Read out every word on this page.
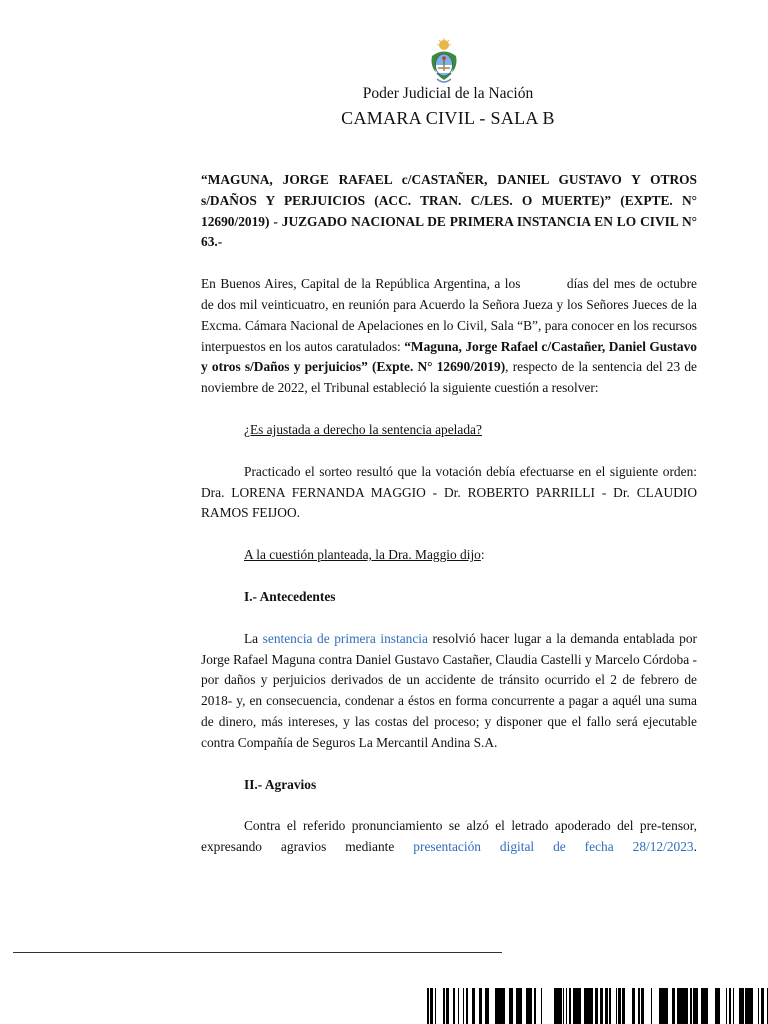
Poder Judicial de la Nación
CAMARA CIVIL - SALA B

“MAGUNA, JORGE RAFAEL c/CASTAÑER, DANIEL GUSTAVO Y OTROS s/DAÑOS Y PERJUICIOS (ACC. TRAN. C/LES. O MUERTE)” (EXPTE. N° 12690/2019) - JUZGADO NACIONAL DE PRIMERA INSTANCIA EN LO CIVIL N° 63.-

En Buenos Aires, Capital de la República Argentina, a los	días del mes de octubre de dos mil veinticuatro, en reunión para Acuerdo la Señora Jueza y los Señores Jueces de la Excma. Cámara Nacional de Apelaciones en lo Civil, Sala “B”, para conocer en los recursos interpuestos en los autos caratulados: “Maguna, Jorge Rafael c/Castañer, Daniel Gustavo y otros s/Daños y perjuicios” (Expte. N° 12690/2019), respecto de la sentencia del 23 de noviembre de 2022, el Tribunal estableció la siguiente cuestión a resolver:

¿Es ajustada a derecho la sentencia apelada?

Practicado el sorteo resultó que la votación debía efectuarse en el siguiente orden: Dra. LORENA FERNANDA MAGGIO - Dr. ROBERTO PARRILLI - Dr. CLAUDIO RAMOS FEIJOO.

A la cuestión planteada, la Dra. Maggio dijo:

I.- Antecedentes

La sentencia de primera instancia resolvió hacer lugar a la demanda entablada por Jorge Rafael Maguna contra Daniel Gustavo Castañer, Claudia Castelli y Marcelo Córdoba -por daños y perjuicios derivados de un accidente de tránsito ocurrido el 2 de febrero de 2018- y, en consecuencia, condenar a éstos en forma concurrente a pagar a aquél una suma de dinero, más intereses, y las costas del proceso; y disponer que el fallo será ejecutable contra Compañía de Seguros La Mercantil Andina S.A.

II.- Agravios

Contra el referido pronunciamiento se alzó el letrado apoderado del pre-tensor, expresando agravios mediante presentación digital de fecha 28/12/2023.
